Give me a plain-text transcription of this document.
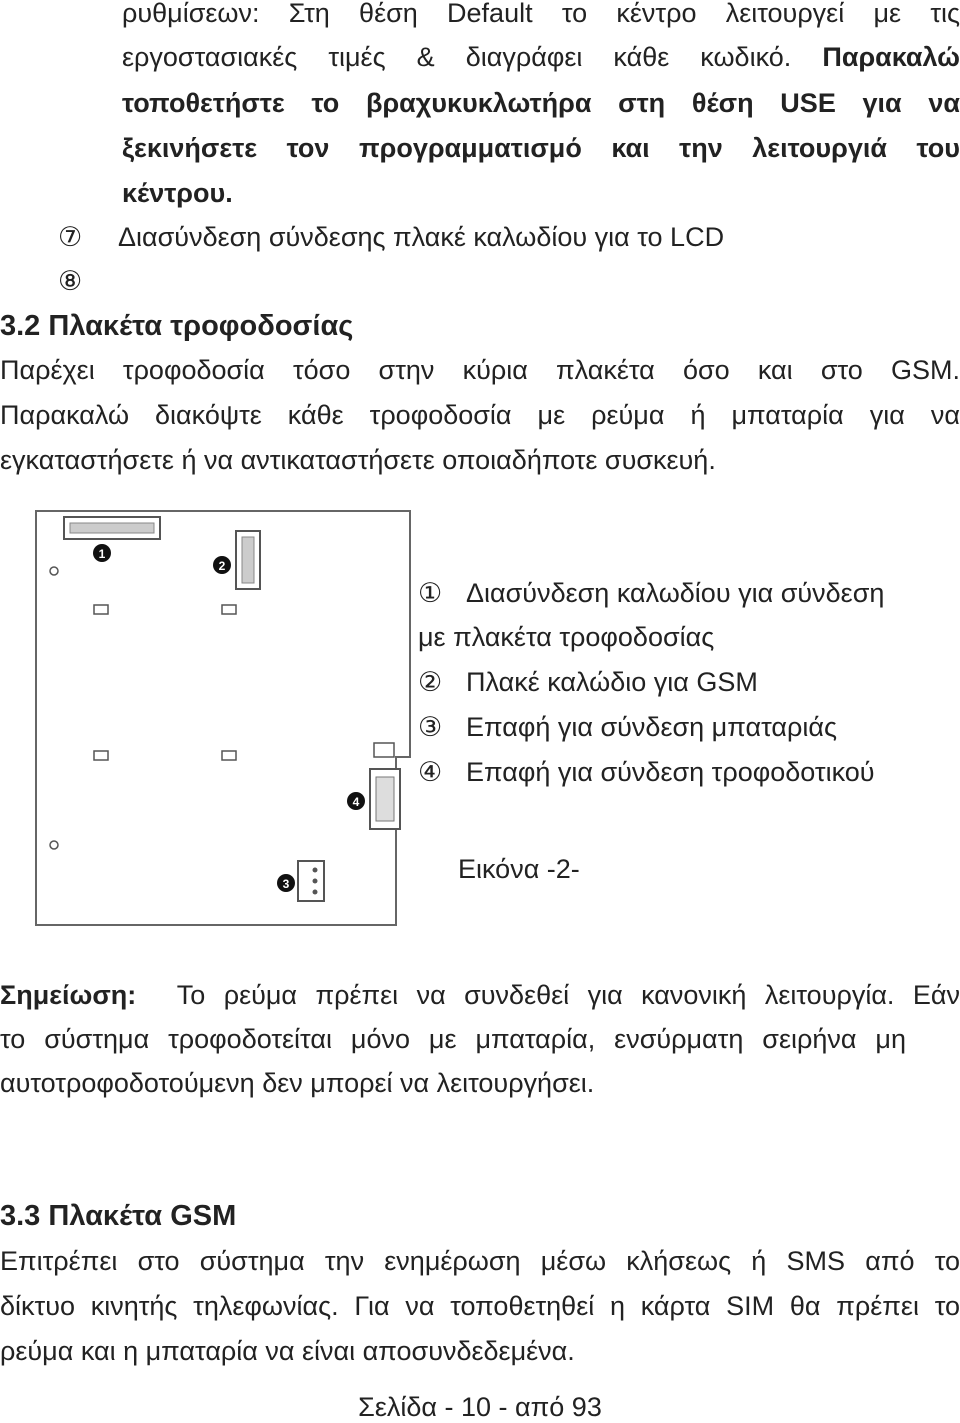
ρυθμίσεων: Στη θέση Default το κέντρο λειτουργεί με τις
εργοστασιακές τιμές & διαγράφει κάθε κωδικό. Παρακαλώ
τοποθετήστε το βραχυκυκλωτήρα στη θέση USE για να
ξεκινήσετε τον προγραμματισμό και την λειτουργιά του
κέντρου.
⑦ Διασύνδεση σύνδεσης πλακέ καλωδίου για το LCD
⑧
3.2 Πλακέτα τροφοδοσίας
Παρέχει τροφοδοσία τόσο στην κύρια πλακέτα όσο και στο GSM.
Παρακαλώ διακόψτε κάθε τροφοδοσία με ρεύμα ή μπαταρία για να
εγκαταστήσετε ή να αντικαταστήσετε οποιαδήποτε συσκευή.
1
2
3
4
① Διασύνδεση καλωδίου για σύνδεση
με πλακέτα τροφοδοσίας
② Πλακέ καλώδιο για GSM
③ Επαφή για σύνδεση μπαταριάς
④ Επαφή για σύνδεση τροφοδοτικού
Εικόνα -2-
Σημείωση: Το ρεύμα πρέπει να συνδεθεί για κανονική λειτουργία. Εάν
το σύστημα τροφοδοτείται μόνο με μπαταρία, ενσύρματη σειρήνα μη
αυτοτροφοδοτούμενη δεν μπορεί να λειτουργήσει.
3.3 Πλακέτα GSM
Επιτρέπει στο σύστημα την ενημέρωση μέσω κλήσεως ή SMS από το
δίκτυο κινητής τηλεφωνίας. Για να τοποθετηθεί η κάρτα SIM θα πρέπει το
ρεύμα και η μπαταρία να είναι αποσυνδεδεμένα.
Σελίδα - 10 - από 93
